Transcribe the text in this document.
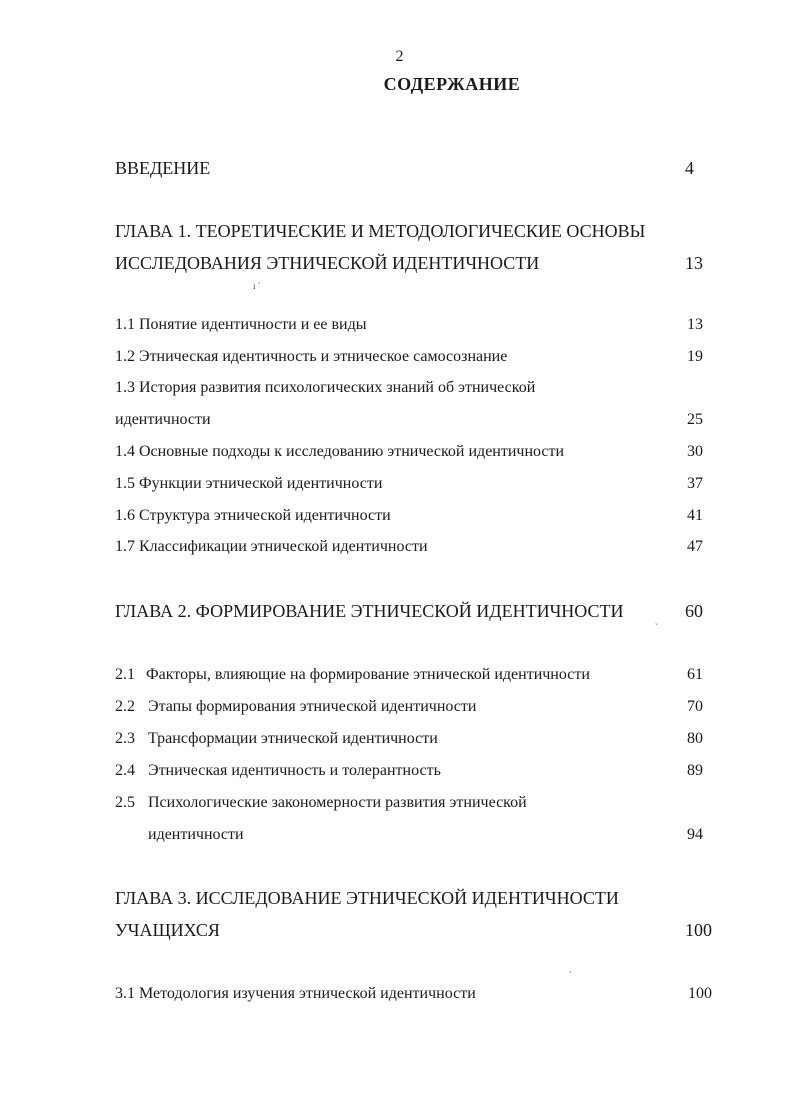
2
СОДЕРЖАНИЕ
ВВЕДЕНИЕ	4
ГЛАВА 1. ТЕОРЕТИЧЕСКИЕ И МЕТОДОЛОГИЧЕСКИЕ ОСНОВЫ
ИССЛЕДОВАНИЯ ЭТНИЧЕСКОЙ ИДЕНТИЧНОСТИ	13
ı ˊ
1.1 Понятие идентичности и ее виды	13
1.2 Этническая идентичность и этническое самосознание	19
1.3 История развития психологических знаний об этнической
идентичности	25
1.4 Основные подходы к исследованию этнической идентичности	30
1.5 Функции этнической идентичности	37
1.6 Структура этнической идентичности	41
1.7 Классификации этнической идентичности	47
ГЛАВА 2. ФОРМИРОВАНИЕ ЭТНИЧЕСКОЙ ИДЕНТИЧНОСТИ	60
ˋ
2.1 Факторы, влияющие на формирование этнической идентичности	61
2.2 Этапы формирования этнической идентичности	70
2.3 Трансформации этнической идентичности	80
2.4 Этническая идентичность и толерантность	89
2.5 Психологические закономерности развития этнической
идентичности	94
ГЛАВА 3. ИССЛЕДОВАНИЕ ЭТНИЧЕСКОЙ ИДЕНТИЧНОСТИ
УЧАЩИХСЯ	100
ˏ
3.1 Методология изучения этнической идентичности	100
